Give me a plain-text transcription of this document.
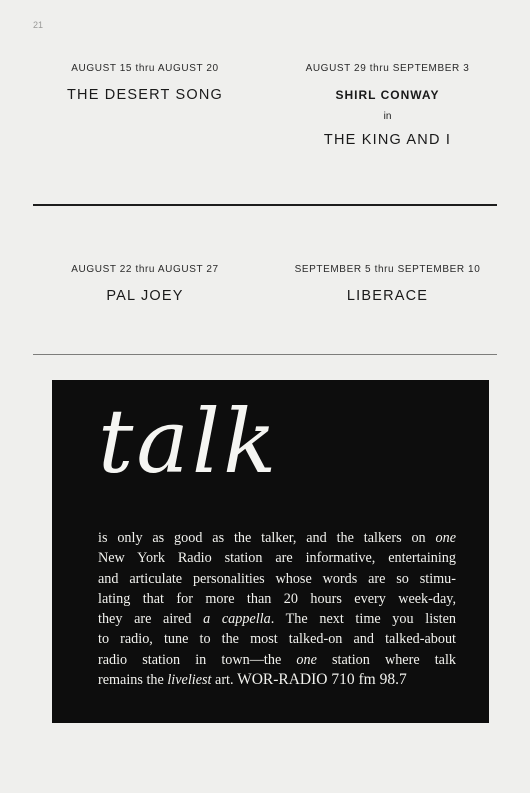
21
AUGUST 15 thru AUGUST 20
THE DESERT SONG
AUGUST 29 thru SEPTEMBER 3
SHIRL CONWAY
in
THE KING AND I
AUGUST 22 thru AUGUST 27
PAL JOEY
SEPTEMBER 5 thru SEPTEMBER 10
LIBERACE
talk
is only as good as the talker, and the talkers on one
New York Radio station are informative, entertaining
and articulate personalities whose words are so stimu-
lating that for more than 20 hours every week-day,
they are aired a cappella. The next time you listen
to radio, tune to the most talked-on and talked-about
radio station in town—the one station where talk
remains the liveliest art. WOR-RADIO 710 fm 98.7
